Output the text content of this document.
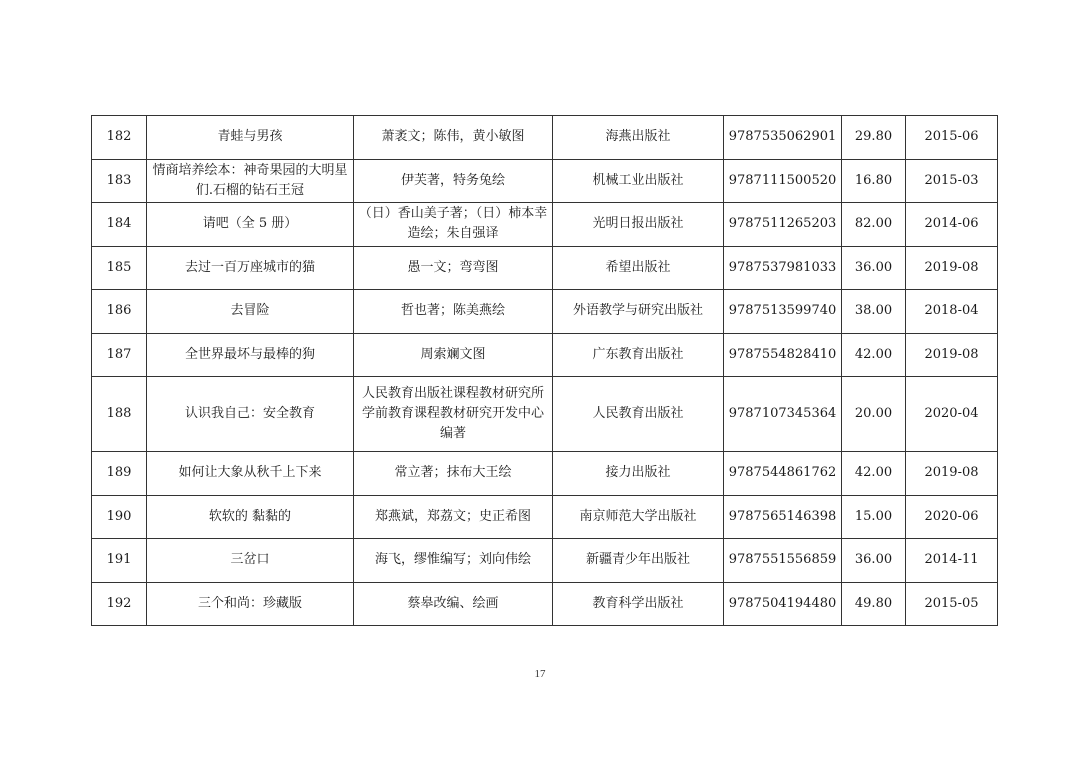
182	青蛙与男孩	萧袤文；陈伟，黄小敏图	海燕出版社	9787535062901	29.80	2015-06
183	情商培养绘本：神奇果园的大明星们.石榴的钻石王冠	伊芙著，特务兔绘	机械工业出版社	9787111500520	16.80	2015-03
184	请吧（全 5 册）	（日）香山美子著；（日）柿本幸造绘；朱自强译	光明日报出版社	9787511265203	82.00	2014-06
185	去过一百万座城市的猫	愚一文；弯弯图	希望出版社	9787537981033	36.00	2019-08
186	去冒险	哲也著；陈美燕绘	外语教学与研究出版社	9787513599740	38.00	2018-04
187	全世界最坏与最棒的狗	周索斓文图	广东教育出版社	9787554828410	42.00	2019-08
188	认识我自己：安全教育	人民教育出版社课程教材研究所学前教育课程教材研究开发中心编著	人民教育出版社	9787107345364	20.00	2020-04
189	如何让大象从秋千上下来	常立著；抹布大王绘	接力出版社	9787544861762	42.00	2019-08
190	软软的 黏黏的	郑燕斌，郑荔文；史正希图	南京师范大学出版社	9787565146398	15.00	2020-06
191	三岔口	海飞，缪惟编写；刘向伟绘	新疆青少年出版社	9787551556859	36.00	2014-11
192	三个和尚：珍藏版	蔡皋改编、绘画	教育科学出版社	9787504194480	49.80	2015-05
17
